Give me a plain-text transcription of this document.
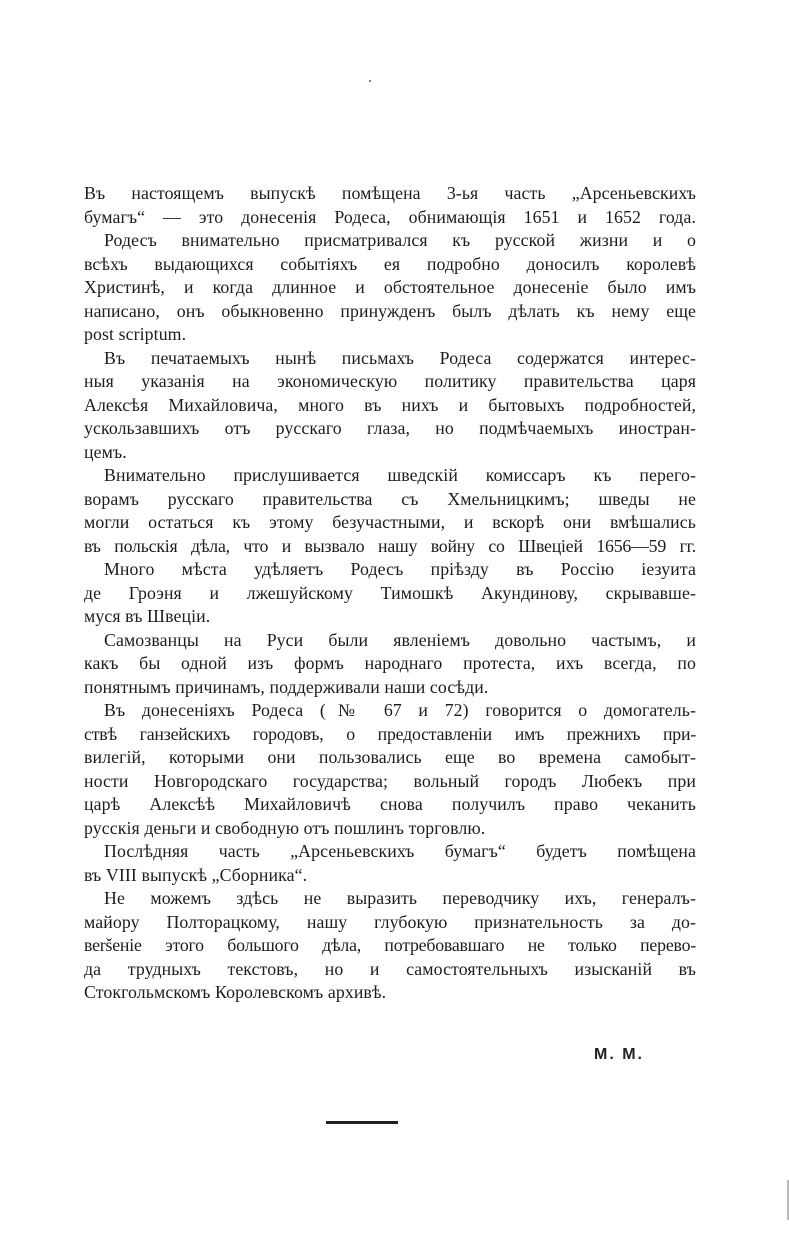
Въ настоящемъ выпускѣ помѣщена 3-ья часть „Арсеньевскихъ
бумагъ“ — это донесенія Родеса, обнимающія 1651 и 1652 года.
Родесъ внимательно присматривался къ русской жизни и о
всѣхъ выдающихся событіяхъ ея подробно доносилъ королевѣ
Христинѣ, и когда длинное и обстоятельное донесеніе было имъ
написано, онъ обыкновенно принужденъ былъ дѣлать къ нему еще
post scriptum.
Въ печатаемыхъ нынѣ письмахъ Родеса содержатся интерес-
ныя указанія на экономическую политику правительства царя
Алексѣя Михайловича, много въ нихъ и бытовыхъ подробностей,
ускользавшихъ отъ русскаго глаза, но подмѣчаемыхъ иностран-
цемъ.
Внимательно прислушивается шведскій комиссаръ къ перего-
ворамъ русскаго правительства съ Хмельницкимъ; шведы не
могли остаться къ этому безучастными, и вскорѣ они вмѣшались
въ польскія дѣла, что и вызвало нашу войну со Швеціей 1656—59 гг.
Много мѣста удѣляетъ Родесъ пріѣзду въ Россію іезуита
де Гроэня и лжешуйскому Тимошкѣ Акундинову, скрывавше-
муся въ Швеціи.
Самозванцы на Руси были явленіемъ довольно частымъ, и
какъ бы одной изъ формъ народнаго протеста, ихъ всегда, по
понятнымъ причинамъ, поддерживали наши сосѣди.
Въ донесеніяхъ Родеса (№ 67 и 72) говорится о домогатель-
ствѣ ганзейскихъ городовъ, о предоставленіи имъ прежнихъ при-
вилегій, которыми они пользовались еще во времена самобыт-
ности Новгородскаго государства; вольный городъ Любекъ при
царѣ Алексѣѣ Михайловичѣ снова получилъ право чеканить
русскія деньги и свободную отъ пошлинъ торговлю.
Послѣдняя часть „Арсеньевскихъ бумагъ“ будетъ помѣщена
въ VIII выпускѣ „Сборника“.
Не можемъ здѣсь не выразить переводчику ихъ, генералъ-
майору Полторацкому, нашу глубокую признательность за до-
веršеніе этого большого дѣла, потребовавшаго не только перево-
да трудныхъ текстовъ, но и самостоятельныхъ изысканій въ
Стокгольмскомъ Королевскомъ архивѣ.
М. М.
